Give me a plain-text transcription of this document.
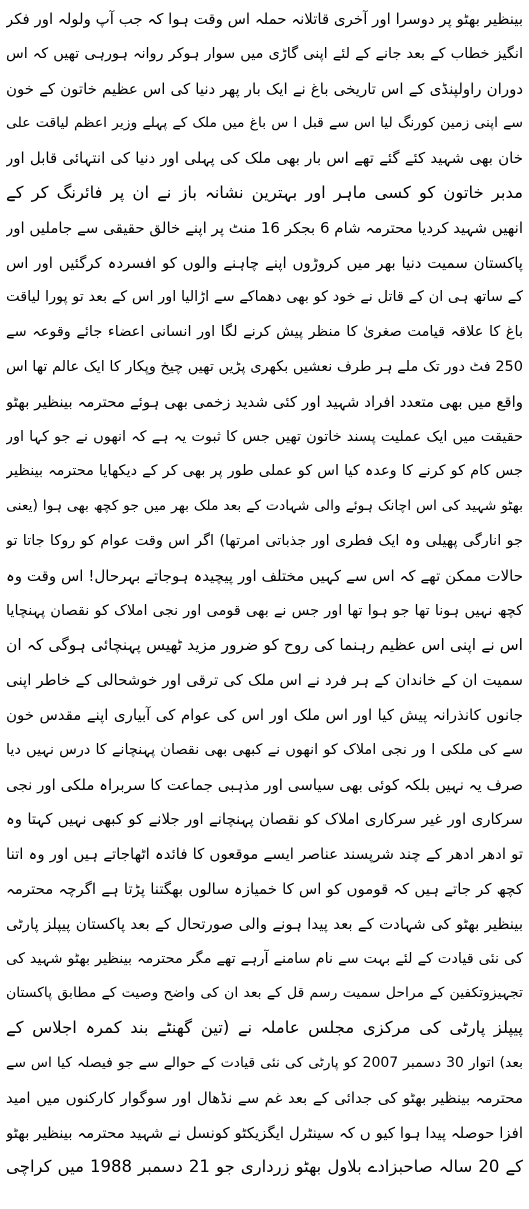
بینظیر بھٹو پر دوسرا اور آخری قاتلانہ حملہ اس وقت ہوا کہ جب آپ ولولہ اور فکر
انگیز خطاب کے بعد جانے کے لئے اپنی گاڑی میں سوار ہوکر روانہ ہورہی تھیں کہ اس
دوران راولپنڈی کے اس تاریخی باغ نے ایک بار پھر دنیا کی اس عظیم خاتون کے خون
سے اپنی زمین کورنگ لیا اس سے قبل ا س باغ میں ملک کے پہلے وزیر اعظم لیاقت علی
خان بھی شہید کئے گئے تھے اس بار بھی ملک کی پہلی اور دنیا کی انتہائی قابل اور
مدبر خاتون کو کسی ماہر اور بہترین نشانہ باز نے ان پر فائرنگ کر کے
انھیں شہید کردیا محترمہ شام 6 بجکر 16 منٹ پر اپنے خالق حقیقی سے جاملیں اور
پاکستان سمیت دنیا بھر میں کروڑوں اپنے چاہنے والوں کو افسردہ کرگئیں اور اس
کے ساتھ ہی ان کے قاتل نے خود کو بھی دھماکے سے اڑالیا اور اس کے بعد تو پورا لیاقت
باغ کا علاقہ قیامت صغریٰ کا منظر پیش کرنے لگا اور انسانی اعضاء جائے وقوعہ سے
250 فٹ دور تک ملے ہر طرف نعشیں بکھری پڑیں تھیں چیخ وپکار کا ایک عالم تھا اس
واقع میں بھی متعدد افراد شہید اور کئی شدید زخمی بھی ہوئے محترمہ بینظیر بھٹو
حقیقت میں ایک عملیت پسند خاتون تھیں جس کا ثبوت یہ ہے کہ انھوں نے جو کہا اور
جس کام کو کرنے کا وعدہ کیا اس کو عملی طور پر بھی کر کے دیکھایا محترمہ بینظیر
بھٹو شہید کی اس اچانک ہوئے والی شہادت کے بعد ملک بھر میں جو کچھ بھی ہوا (یعنی
جو انارگی پھیلی وہ ایک فطری اور جذباتی امرتھا) اگر اس وقت عوام کو روکا جاتا تو
حالات ممکن تھے کہ اس سے کہیں مختلف اور پیچیدہ ہوجاتے بہرحال! اس وقت وہ
کچھ نہیں ہونا تھا جو ہوا تھا اور جس نے بھی قومی اور نجی املاک کو نقصان پہنچایا
اس نے اپنی اس عظیم رہنما کی روح کو ضرور مزید ٹھیس پہنچائی ہوگی کہ ان
سمیت ان کے خاندان کے ہر فرد نے اس ملک کی ترقی اور خوشحالی کے خاطر اپنی
جانوں کانذرانہ پیش کیا اور اس ملک اور اس کی عوام کی آبیاری اپنے مقدس خون
سے کی ملکی ا ور نجی املاک کو انھوں نے کبھی بھی نقصان پہنچانے کا درس نہیں دیا
صرف یہ نہیں بلکہ کوئی بھی سیاسی اور مذہبی جماعت کا سربراہ ملکی اور نجی
سرکاری اور غیر سرکاری املاک کو نقصان پہنچانے اور جلانے کو کبھی نہیں کہتا وہ
تو ادھر ادھر کے چند شرپسند عناصر ایسے موقعوں کا فائدہ اٹھاجاتے ہیں اور وہ اتنا
کچھ کر جاتے ہیں کہ قوموں کو اس کا خمیازہ سالوں بھگتنا پڑتا ہے اگرچہ محترمہ
بینظیر بھٹو کی شہادت کے بعد پیدا ہونے والی صورتحال کے بعد پاکستان پیپلز پارٹی
کی نئی قیادت کے لئے بہت سے نام سامنے آرہے تھے مگر محترمہ بینظیر بھٹو شہید کی
تجہیزوتکفین کے مراحل سمیت رسم قل کے بعد ان کی واضح وصیت کے مطابق پاکستان
پیپلز پارٹی کی مرکزی مجلس عاملہ نے (تین گھنٹے بند کمرہ اجلاس کے
بعد) اتوار 30 دسمبر 2007 کو پارٹی کی نئی قیادت کے حوالے سے جو فیصلہ کیا اس سے
محترمہ بینظیر بھٹو کی جدائی کے بعد غم سے نڈھال اور سوگوار کارکنوں میں امید
افزا حوصلہ پیدا ہوا کیو ں کہ سینٹرل ایگزیکٹو کونسل نے شہید محترمہ بینظیر بھٹو
کے 20 سالہ صاحبزادے بلاول بھٹو زرداری جو 21 دسمبر 1988 میں کراچی
